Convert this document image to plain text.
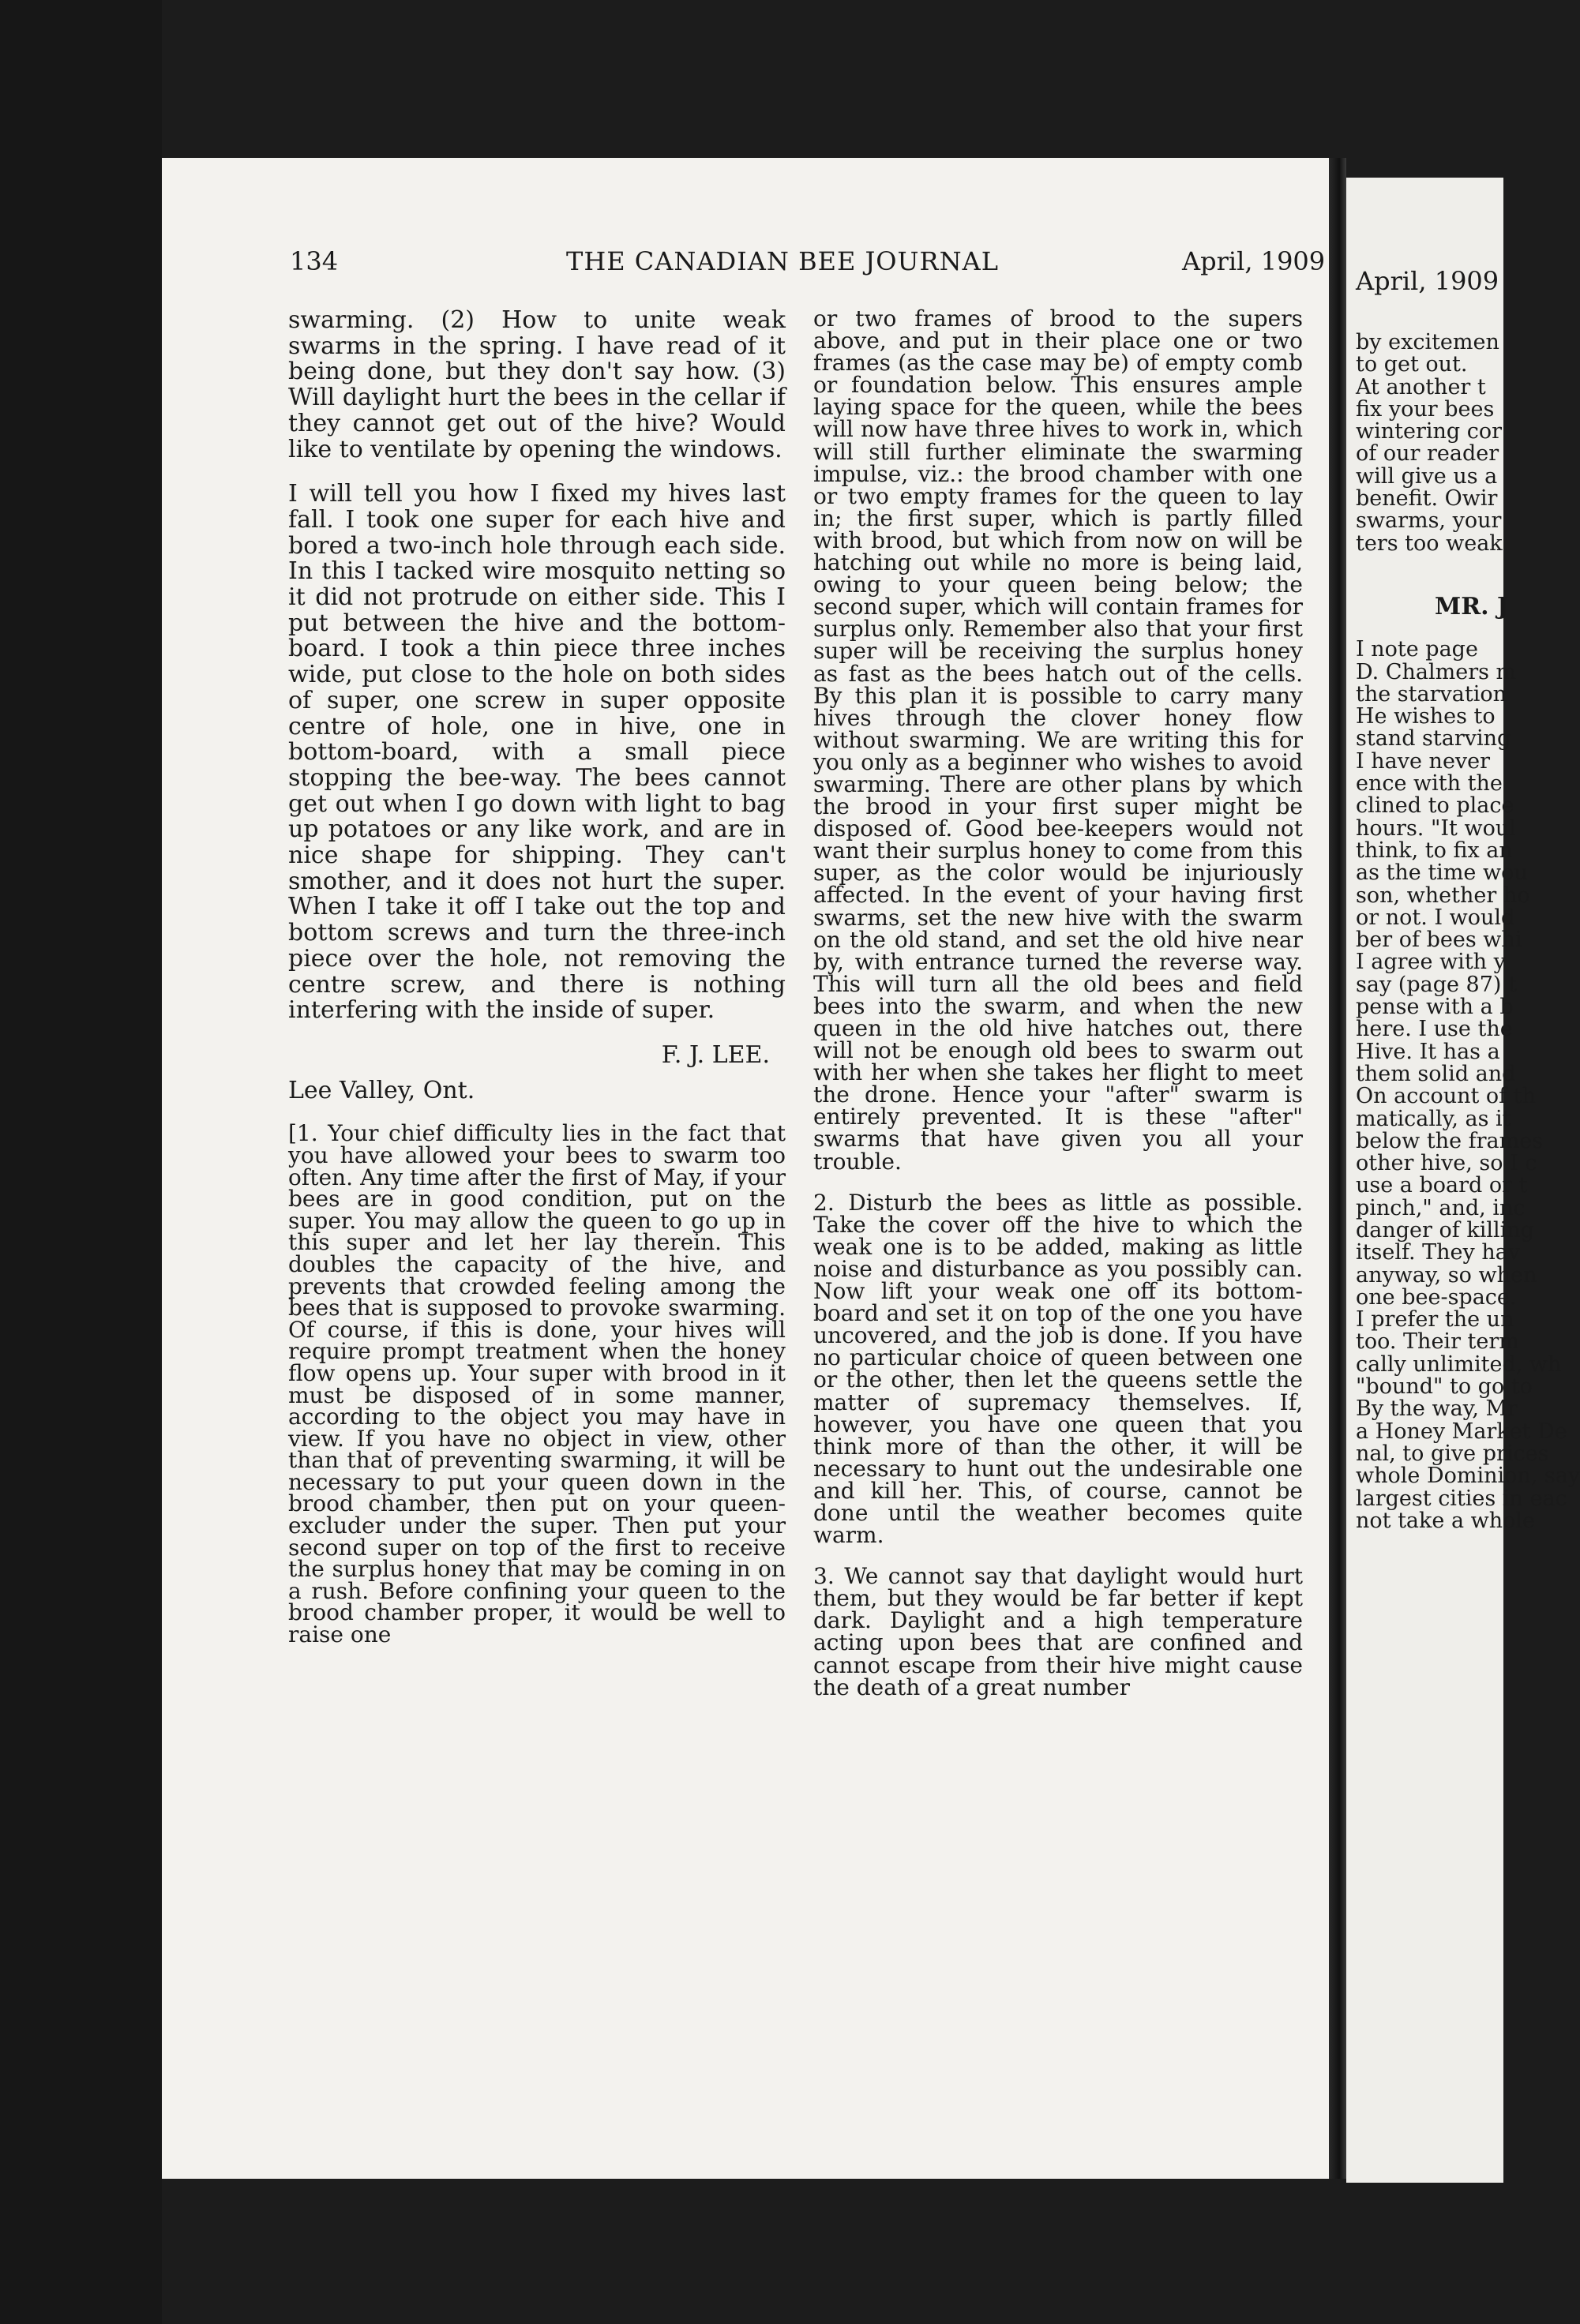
134	THE CANADIAN BEE JOURNAL	April, 1909

swarming. (2) How to unite weak swarms in the spring. I have read of it being done, but they don't say how. (3) Will daylight hurt the bees in the cellar if they cannot get out of the hive? Would like to ventilate by opening the windows.

I will tell you how I fixed my hives last fall. I took one super for each hive and bored a two-inch hole through each side. In this I tacked wire mosquito netting so it did not protrude on either side. This I put between the hive and the bottom-board. I took a thin piece three inches wide, put close to the hole on both sides of super, one screw in super opposite centre of hole, one in hive, one in bottom-board, with a small piece stopping the bee-way. The bees cannot get out when I go down with light to bag up potatoes or any like work, and are in nice shape for shipping. They can't smother, and it does not hurt the super. When I take it off I take out the top and bottom screws and turn the three-inch piece over the hole, not removing the centre screw, and there is nothing interfering with the inside of super.

F. J. LEE.
Lee Valley, Ont.

[1. Your chief difficulty lies in the fact that you have allowed your bees to swarm too often. Any time after the first of May, if your bees are in good condition, put on the super. You may allow the queen to go up in this super and let her lay therein. This doubles the capacity of the hive, and prevents that crowded feeling among the bees that is supposed to provoke swarming. Of course, if this is done, your hives will require prompt treatment when the honey flow opens up. Your super with brood in it must be disposed of in some manner, according to the object you may have in view. If you have no object in view, other than that of preventing swarming, it will be necessary to put your queen down in the brood chamber, then put on your queen-excluder under the super. Then put your second super on top of the first to receive the surplus honey that may be coming in on a rush. Before confining your queen to the brood chamber proper, it would be well to raise one

or two frames of brood to the supers above, and put in their place one or two frames (as the case may be) of empty comb or foundation below. This ensures ample laying space for the queen, while the bees will now have three hives to work in, which will still further eliminate the swarming impulse, viz.: the brood chamber with one or two empty frames for the queen to lay in; the first super, which is partly filled with brood, but which from now on will be hatching out while no more is being laid, owing to your queen being below; the second super, which will contain frames for surplus only. Remember also that your first super will be receiving the surplus honey as fast as the bees hatch out of the cells. By this plan it is possible to carry many hives through the clover honey flow without swarming. We are writing this for you only as a beginner who wishes to avoid swarming. There are other plans by which the brood in your first super might be disposed of. Good bee-keepers would not want their surplus honey to come from this super, as the color would be injuriously affected. In the event of your having first swarms, set the new hive with the swarm on the old stand, and set the old hive near by, with entrance turned the reverse way. This will turn all the old bees and field bees into the swarm, and when the new queen in the old hive hatches out, there will not be enough old bees to swarm out with her when she takes her flight to meet the drone. Hence your "after" swarm is entirely prevented. It is these "after" swarms that have given you all your trouble.

2. Disturb the bees as little as possible. Take the cover off the hive to which the weak one is to be added, making as little noise and disturbance as you possibly can. Now lift your weak one off its bottom-board and set it on top of the one you have uncovered, and the job is done. If you have no particular choice of queen between one or the other, then let the queens settle the matter of supremacy themselves. If, however, you have one queen that you think more of than the other, it will be necessary to hunt out the undesirable one and kill her. This, of course, cannot be done until the weather becomes quite warm.

3. We cannot say that daylight would hurt them, but they would be far better if kept dark. Daylight and a high temperature acting upon bees that are confined and cannot escape from their hive might cause the death of a great number

April, 1909
by excitemen
to get out.
At another t
fix your bees
wintering cor
of our reader
will give us a
benefit. Owir
swarms, your
ters too weak
MR. J
I note page
D. Chalmers m
the starvation
He wishes to
stand starving
I have never
ence with the
clined to place
hours. "It woul
think, to fix an
as the time wou
son, whether ho
or not. I would
ber of bees whi
I agree with y
say (page 87) t
pense with a b
here. I use the
Hive. It has a
them solid and
On account of th
matically, as it
below the frames
other hive, so I c
use a board or t
pinch," and, inc
danger of killing
itself. They hav
anyway, so when
one bee-space.
I prefer the un
too. Their term
cally unlimited, wh
"bound" to go to
By the way, Mr
a Honey Market De
nal, to give prices
whole Dominion, say
largest cities in eac
not take a whole
